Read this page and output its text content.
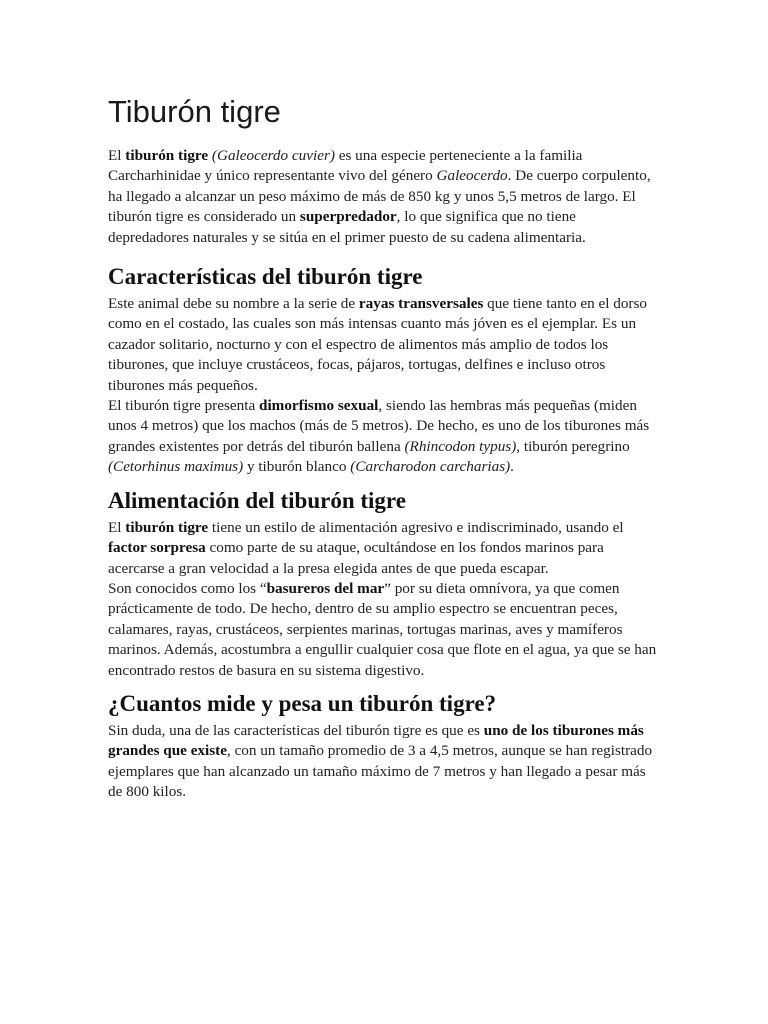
Tiburón tigre

El tiburón tigre (Galeocerdo cuvier) es una especie perteneciente a la familia Carcharhinidae y único representante vivo del género Galeocerdo. De cuerpo corpulento, ha llegado a alcanzar un peso máximo de más de 850 kg y unos 5,5 metros de largo. El tiburón tigre es considerado un superpredador, lo que significa que no tiene depredadores naturales y se sitúa en el primer puesto de su cadena alimentaria.

Características del tiburón tigre

Este animal debe su nombre a la serie de rayas transversales que tiene tanto en el dorso como en el costado, las cuales son más intensas cuanto más jóven es el ejemplar. Es un cazador solitario, nocturno y con el espectro de alimentos más amplio de todos los tiburones, que incluye crustáceos, focas, pájaros, tortugas, delfines e incluso otros tiburones más pequeños.

El tiburón tigre presenta dimorfismo sexual, siendo las hembras más pequeñas (miden unos 4 metros) que los machos (más de 5 metros). De hecho, es uno de los tiburones más grandes existentes por detrás del tiburón ballena (Rhincodon typus), tiburón peregrino (Cetorhinus maximus) y tiburón blanco (Carcharodon carcharias).

Alimentación del tiburón tigre

El tiburón tigre tiene un estilo de alimentación agresivo e indiscriminado, usando el factor sorpresa como parte de su ataque, ocultándose en los fondos marinos para acercarse a gran velocidad a la presa elegida antes de que pueda escapar.

Son conocidos como los “basureros del mar” por su dieta omnívora, ya que comen prácticamente de todo. De hecho, dentro de su amplio espectro se encuentran peces, calamares, rayas, crustáceos, serpientes marinas, tortugas marinas, aves y mamíferos marinos. Además, acostumbra a engullir cualquier cosa que flote en el agua, ya que se han encontrado restos de basura en su sistema digestivo.

¿Cuantos mide y pesa un tiburón tigre?

Sin duda, una de las características del tiburón tigre es que es uno de los tiburones más grandes que existe, con un tamaño promedio de 3 a 4,5 metros, aunque se han registrado ejemplares que han alcanzado un tamaño máximo de 7 metros y han llegado a pesar más de 800 kilos.
